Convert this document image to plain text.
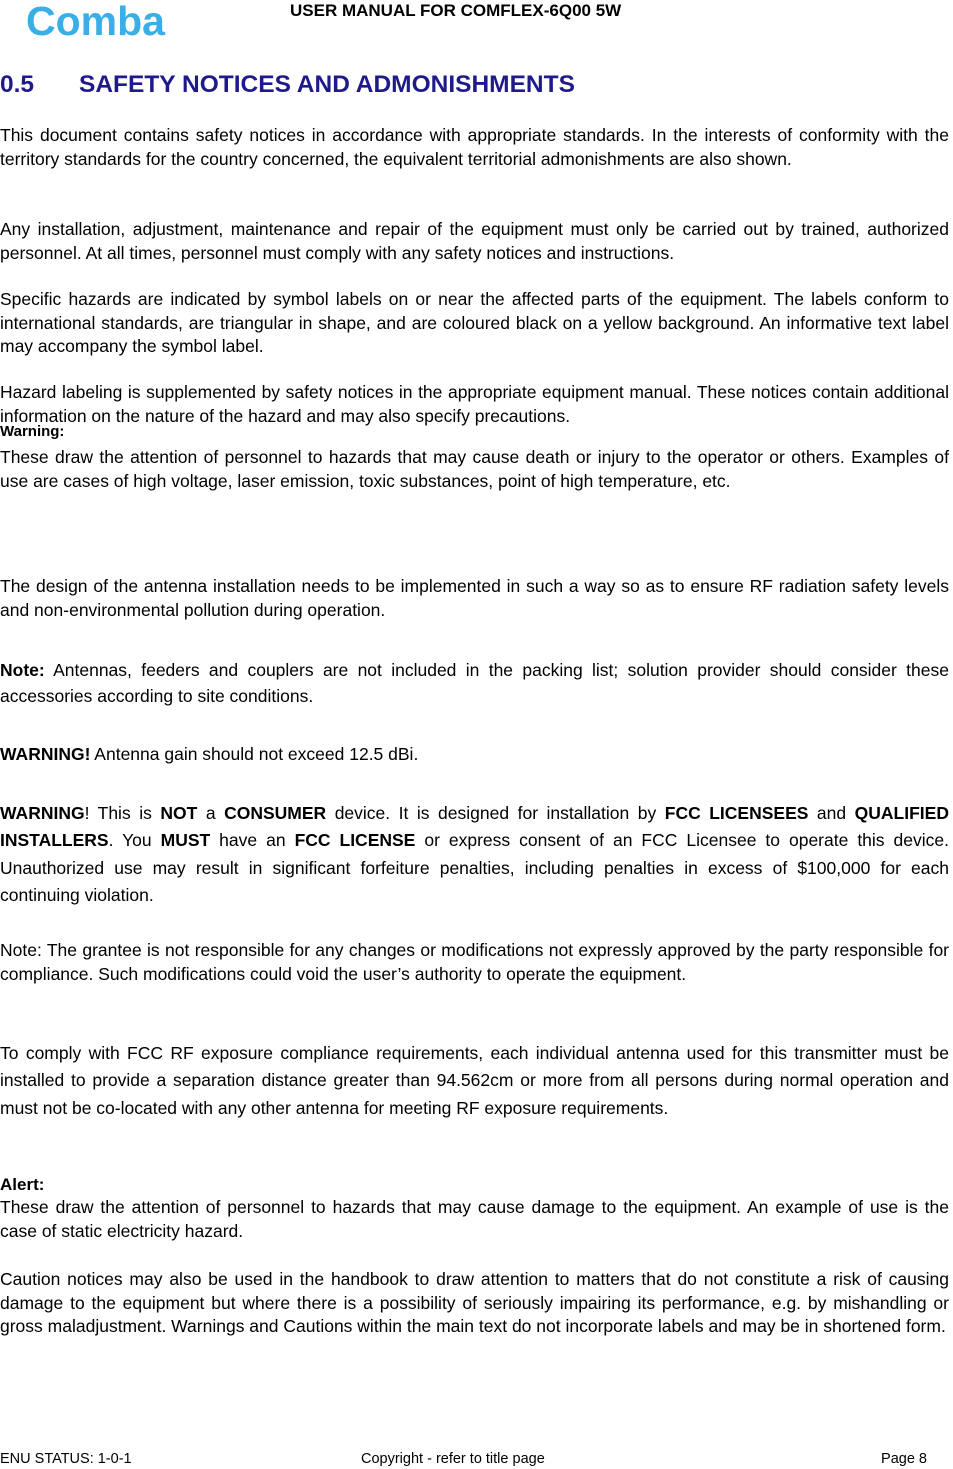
Comba	USER MANUAL FOR COMFLEX-6Q00 5W
0.5 SAFETY NOTICES AND ADMONISHMENTS

This document contains safety notices in accordance with appropriate standards. In the interests of conformity with the territory standards for the country concerned, the equivalent territorial admonishments are also shown.

Any installation, adjustment, maintenance and repair of the equipment must only be carried out by trained, authorized personnel. At all times, personnel must comply with any safety notices and instructions.

Specific hazards are indicated by symbol labels on or near the affected parts of the equipment. The labels conform to international standards, are triangular in shape, and are coloured black on a yellow background. An informative text label may accompany the symbol label.

Hazard labeling is supplemented by safety notices in the appropriate equipment manual. These notices contain additional information on the nature of the hazard and may also specify precautions.

Warning:

These draw the attention of personnel to hazards that may cause death or injury to the operator or others. Examples of use are cases of high voltage, laser emission, toxic substances, point of high temperature, etc.

The design of the antenna installation needs to be implemented in such a way so as to ensure RF radiation safety levels and non-environmental pollution during operation.

Note: Antennas, feeders and couplers are not included in the packing list; solution provider should consider these accessories according to site conditions.

WARNING! Antenna gain should not exceed 12.5 dBi.

WARNING! This is NOT a CONSUMER device. It is designed for installation by FCC LICENSEES and QUALIFIED INSTALLERS. You MUST have an FCC LICENSE or express consent of an FCC Licensee to operate this device. Unauthorized use may result in significant forfeiture penalties, including penalties in excess of $100,000 for each continuing violation.

Note: The grantee is not responsible for any changes or modifications not expressly approved by the party responsible for compliance. Such modifications could void the user’s authority to operate the equipment.

To comply with FCC RF exposure compliance requirements, each individual antenna used for this transmitter must be installed to provide a separation distance greater than 94.562cm or more from all persons during normal operation and must not be co-located with any other antenna for meeting RF exposure requirements.

Alert:

These draw the attention of personnel to hazards that may cause damage to the equipment. An example of use is the case of static electricity hazard.

Caution notices may also be used in the handbook to draw attention to matters that do not constitute a risk of causing damage to the equipment but where there is a possibility of seriously impairing its performance, e.g. by mishandling or gross maladjustment. Warnings and Cautions within the main text do not incorporate labels and may be in shortened form.

ENU STATUS: 1-0-1	Copyright - refer to title page	Page 8
